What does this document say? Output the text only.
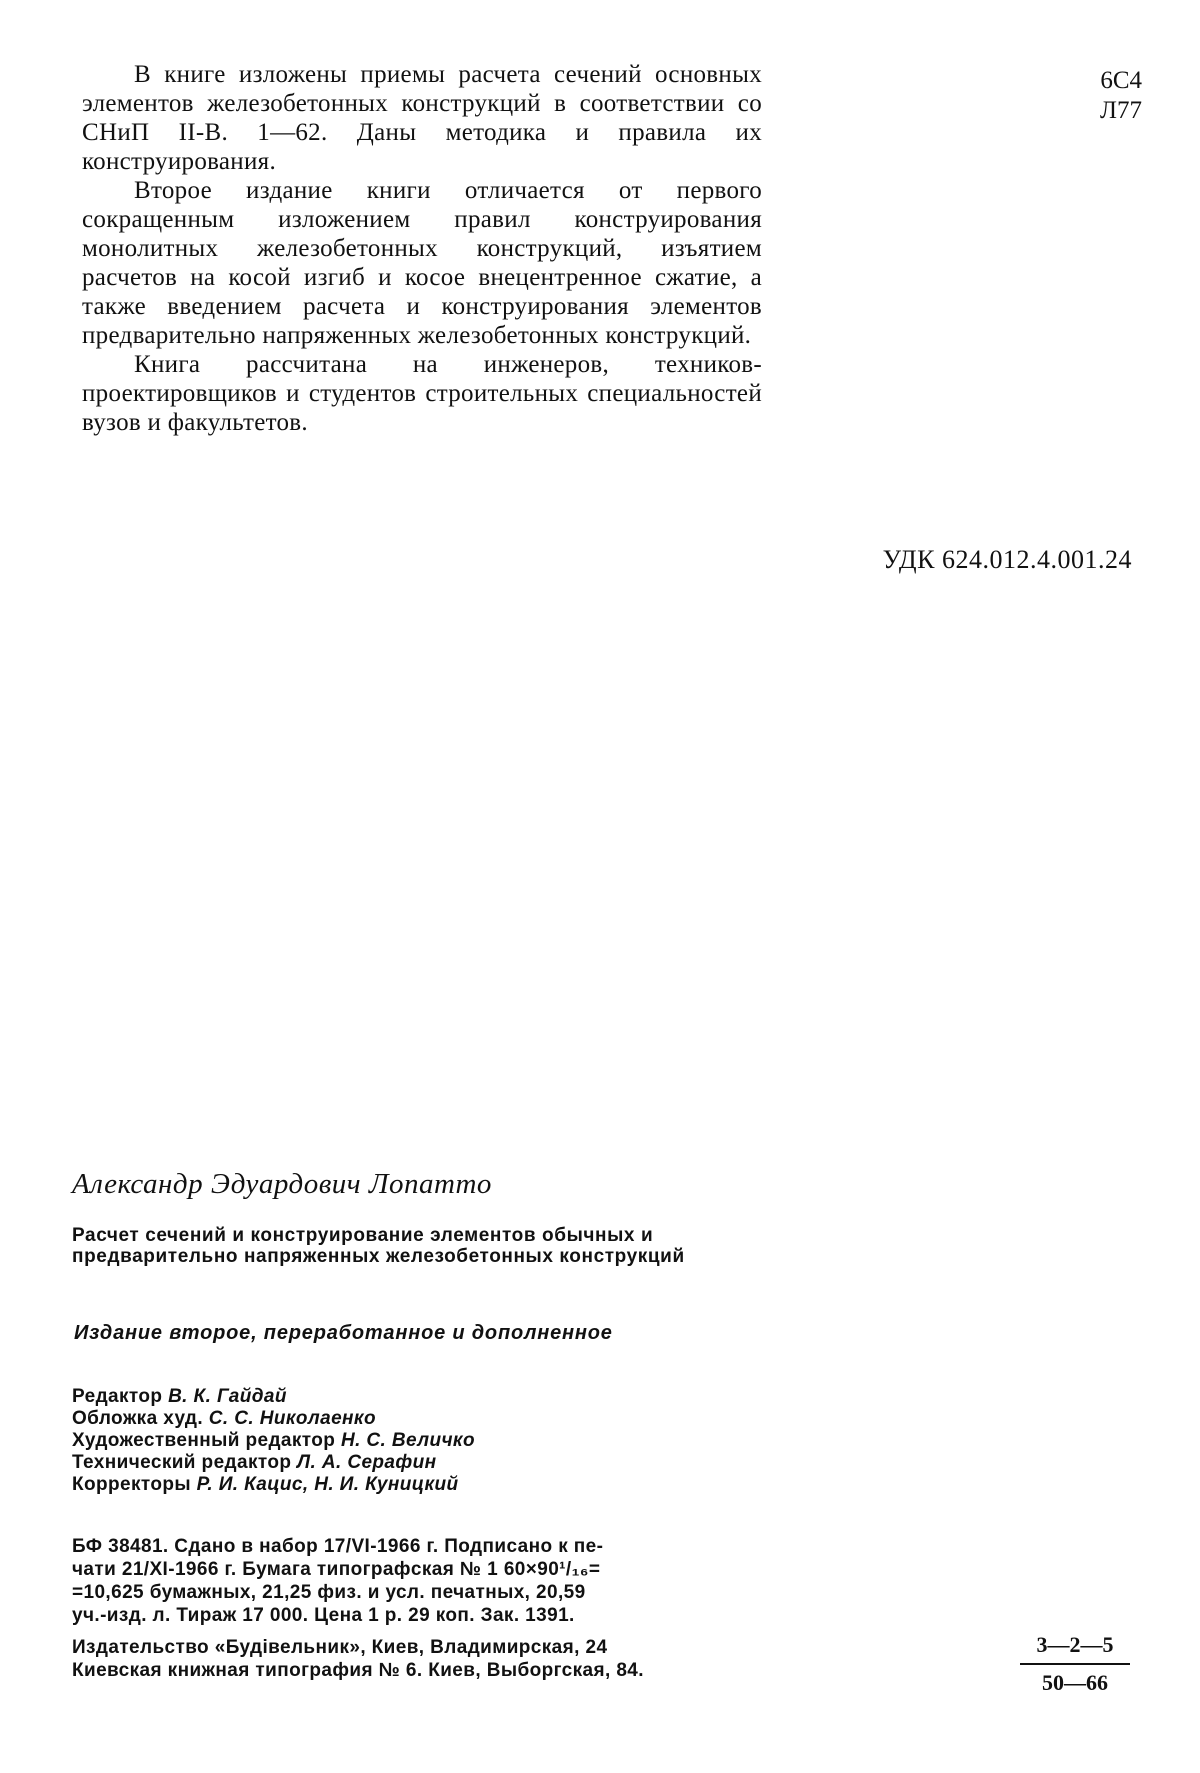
В книге изложены приемы расчета сечений основных элементов железобетонных конструкций в соответствии со СНиП II-В. 1—62. Даны методика и правила их конструирования.

Второе издание книги отличается от первого сокращенным изложением правил конструирования монолитных железобетонных конструкций, изъятием расчетов на косой изгиб и косое внецентренное сжатие, а также введением расчета и конструирования элементов предварительно напряженных железобетонных конструкций.

Книга рассчитана на инженеров, техников-проектировщиков и студентов строительных специальностей вузов и факультетов.

6С4
Л77
УДК 624.012.4.001.24
Александр Эдуардович Лопатто
Расчет сечений и конструирование элементов обычных и предварительно напряженных железобетонных конструкций
Издание второе, переработанное и дополненное
Редактор В. К. Гайдай
Обложка худ. С. С. Николаенко
Художественный редактор Н. С. Величко
Технический редактор Л. А. Серафин
Корректоры Р. И. Кацис, Н. И. Куницкий
БФ 38481. Сдано в набор 17/VI-1966 г. Подписано к пе-
чати 21/XI-1966 г. Бумага типографская № 1 60×90¹/₁₆=
=10,625 бумажных, 21,25 физ. и усл. печатных, 20,59
уч.-изд. л. Тираж 17 000. Цена 1 р. 29 коп. Зак. 1391.
Издательство «Будівельник», Киев, Владимирская, 24
Киевская книжная типография № 6. Киев, Выборгская, 84.
3—2—5
50—66
